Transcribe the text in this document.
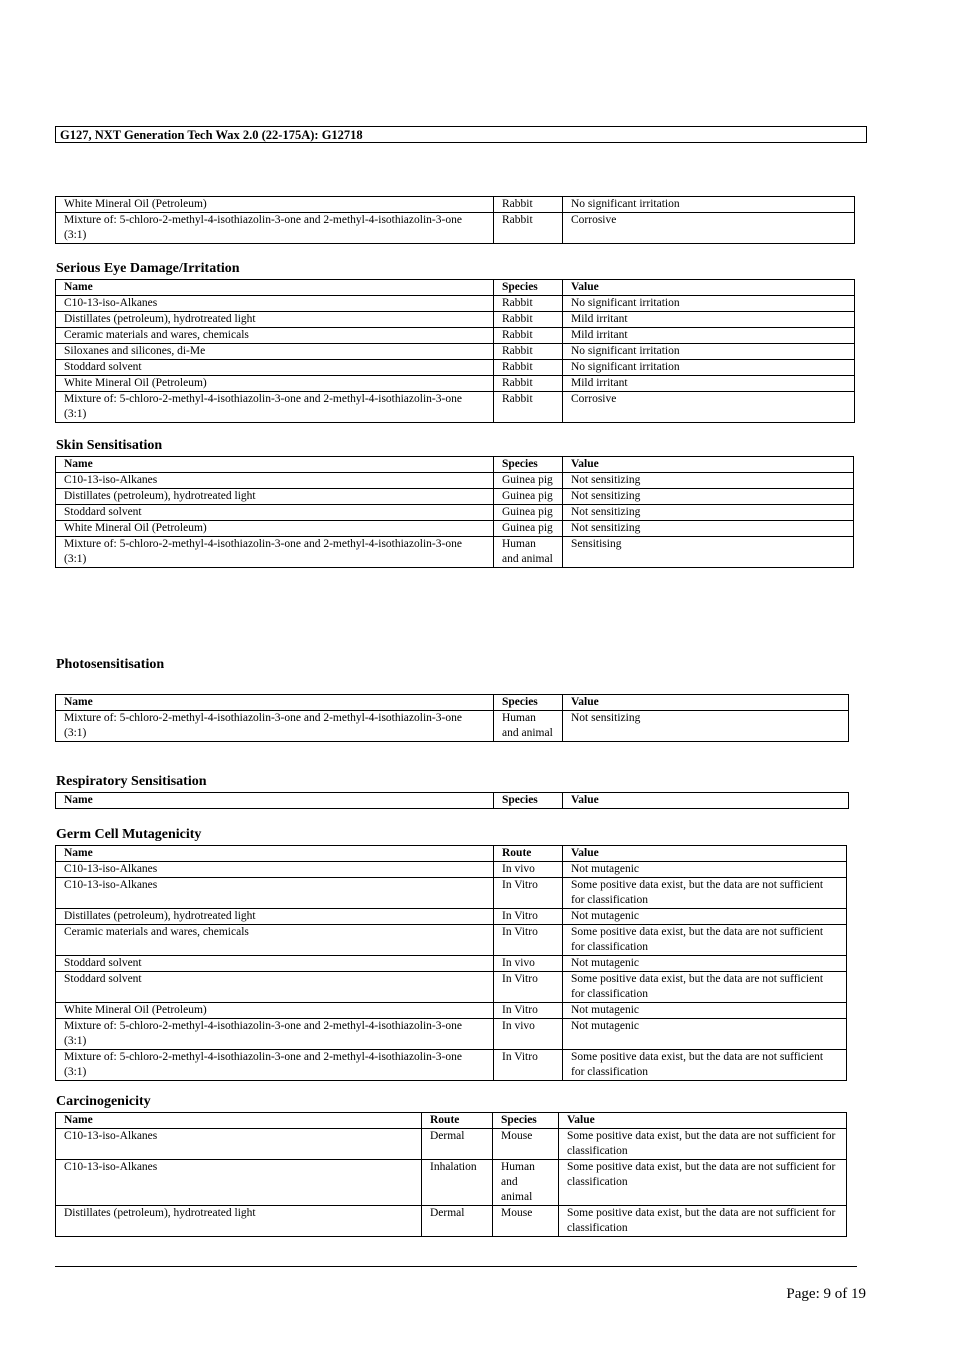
G127, NXT Generation Tech Wax 2.0 (22-175A): G12718
White Mineral Oil (Petroleum)	Rabbit	No significant irritation
Mixture of: 5-chloro-2-methyl-4-isothiazolin-3-one and 2-methyl-4-isothiazolin-3-one (3:1)	Rabbit	Corrosive
Serious Eye Damage/Irritation
Name	Species	Value
C10-13-iso-Alkanes	Rabbit	No significant irritation
Distillates (petroleum), hydrotreated light	Rabbit	Mild irritant
Ceramic materials and wares, chemicals	Rabbit	Mild irritant
Siloxanes and silicones, di-Me	Rabbit	No significant irritation
Stoddard solvent	Rabbit	No significant irritation
White Mineral Oil (Petroleum)	Rabbit	Mild irritant
Mixture of: 5-chloro-2-methyl-4-isothiazolin-3-one and 2-methyl-4-isothiazolin-3-one (3:1)	Rabbit	Corrosive
Skin Sensitisation
Name	Species	Value
C10-13-iso-Alkanes	Guinea pig	Not sensitizing
Distillates (petroleum), hydrotreated light	Guinea pig	Not sensitizing
Stoddard solvent	Guinea pig	Not sensitizing
White Mineral Oil (Petroleum)	Guinea pig	Not sensitizing
Mixture of: 5-chloro-2-methyl-4-isothiazolin-3-one and 2-methyl-4-isothiazolin-3-one (3:1)	Human and animal	Sensitising
Photosensitisation
Name	Species	Value
Mixture of: 5-chloro-2-methyl-4-isothiazolin-3-one and 2-methyl-4-isothiazolin-3-one (3:1)	Human and animal	Not sensitizing
Respiratory Sensitisation
Name	Species	Value
Germ Cell Mutagenicity
Name	Route	Value
C10-13-iso-Alkanes	In vivo	Not mutagenic
C10-13-iso-Alkanes	In Vitro	Some positive data exist, but the data are not sufficient for classification
Distillates (petroleum), hydrotreated light	In Vitro	Not mutagenic
Ceramic materials and wares, chemicals	In Vitro	Some positive data exist, but the data are not sufficient for classification
Stoddard solvent	In vivo	Not mutagenic
Stoddard solvent	In Vitro	Some positive data exist, but the data are not sufficient for classification
White Mineral Oil (Petroleum)	In Vitro	Not mutagenic
Mixture of: 5-chloro-2-methyl-4-isothiazolin-3-one and 2-methyl-4-isothiazolin-3-one (3:1)	In vivo	Not mutagenic
Mixture of: 5-chloro-2-methyl-4-isothiazolin-3-one and 2-methyl-4-isothiazolin-3-one (3:1)	In Vitro	Some positive data exist, but the data are not sufficient for classification
Carcinogenicity
Name	Route	Species	Value
C10-13-iso-Alkanes	Dermal	Mouse	Some positive data exist, but the data are not sufficient for classification
C10-13-iso-Alkanes	Inhalation	Human and animal	Some positive data exist, but the data are not sufficient for classification
Distillates (petroleum), hydrotreated light	Dermal	Mouse	Some positive data exist, but the data are not sufficient for classification
Page: 9 of 19
